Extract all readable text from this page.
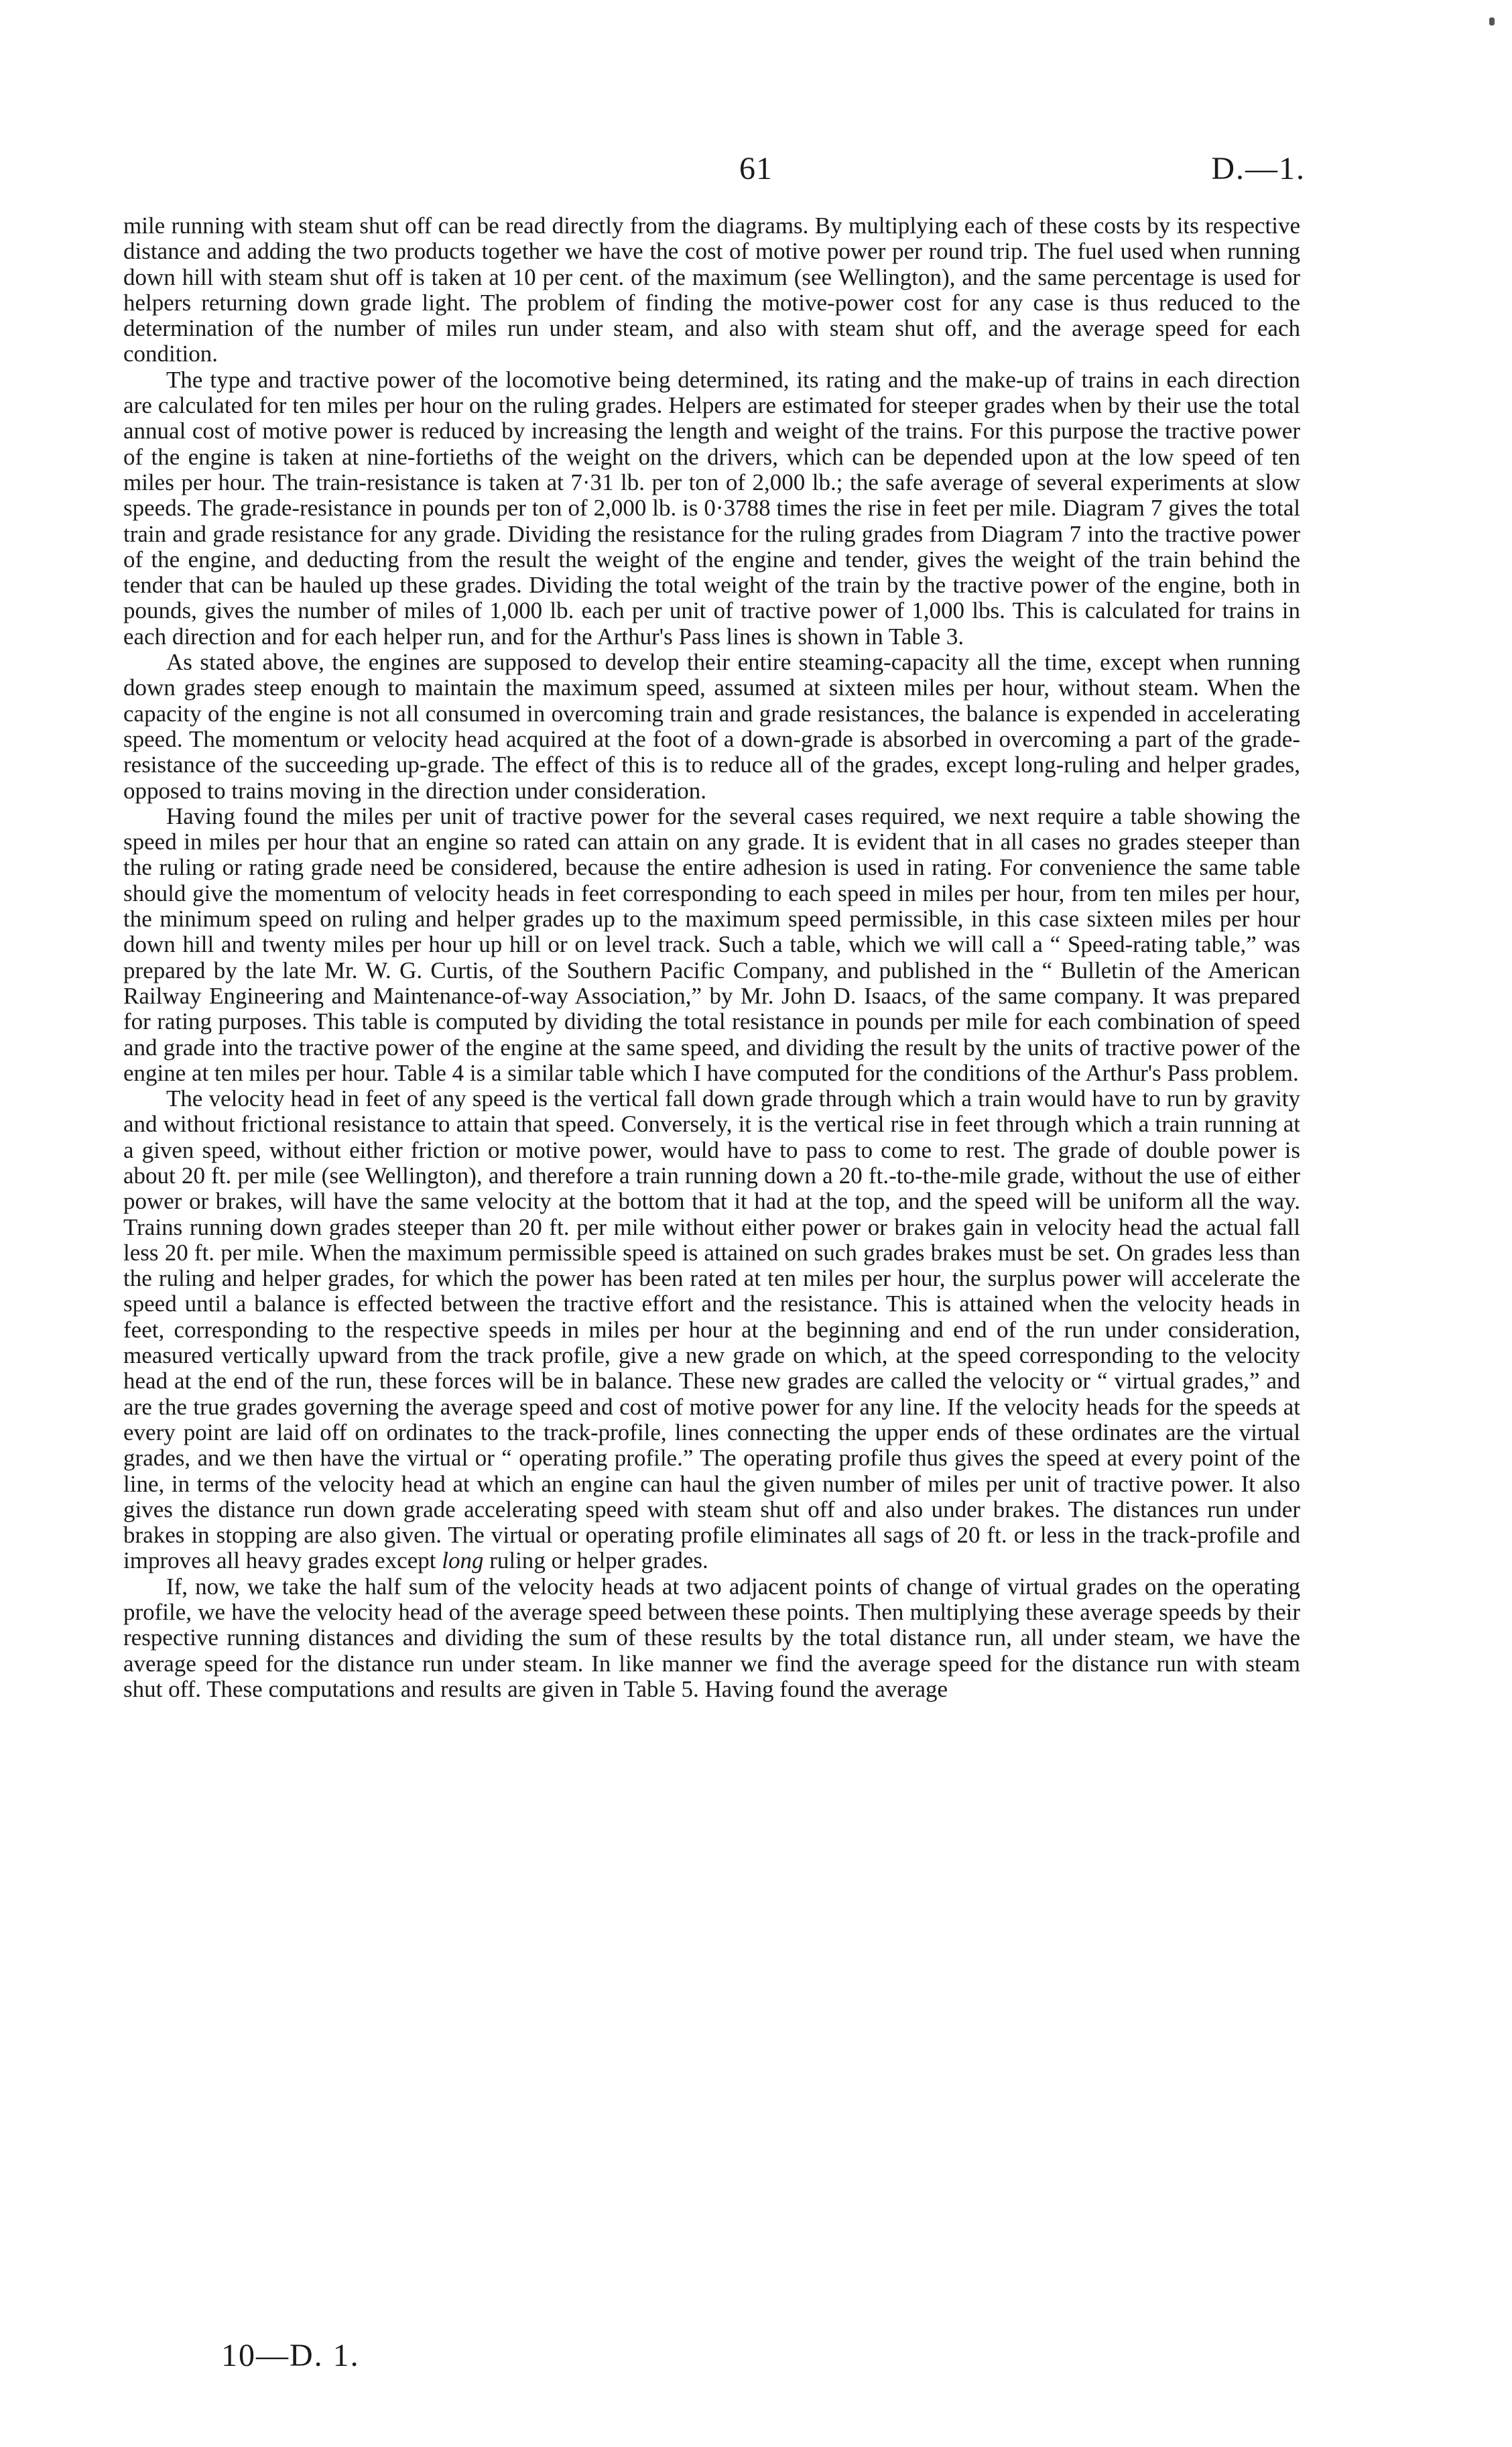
61	D.—1.

mile running with steam shut off can be read directly from the diagrams. By multiplying each of these costs by its respective distance and adding the two products together we have the cost of motive power per round trip. The fuel used when running down hill with steam shut off is taken at 10 per cent. of the maximum (see Wellington), and the same percentage is used for helpers returning down grade light. The problem of finding the motive-power cost for any case is thus reduced to the determination of the number of miles run under steam, and also with steam shut off, and the average speed for each condition.

The type and tractive power of the locomotive being determined, its rating and the make-up of trains in each direction are calculated for ten miles per hour on the ruling grades. Helpers are estimated for steeper grades when by their use the total annual cost of motive power is reduced by increasing the length and weight of the trains. For this purpose the tractive power of the engine is taken at nine-fortieths of the weight on the drivers, which can be depended upon at the low speed of ten miles per hour. The train-resistance is taken at 7·31 lb. per ton of 2,000 lb.; the safe average of several experiments at slow speeds. The grade-resistance in pounds per ton of 2,000 lb. is 0·3788 times the rise in feet per mile. Diagram 7 gives the total train and grade resistance for any grade. Dividing the resistance for the ruling grades from Diagram 7 into the tractive power of the engine, and deducting from the result the weight of the engine and tender, gives the weight of the train behind the tender that can be hauled up these grades. Dividing the total weight of the train by the tractive power of the engine, both in pounds, gives the number of miles of 1,000 lb. each per unit of tractive power of 1,000 lbs. This is calculated for trains in each direction and for each helper run, and for the Arthur's Pass lines is shown in Table 3.

As stated above, the engines are supposed to develop their entire steaming-capacity all the time, except when running down grades steep enough to maintain the maximum speed, assumed at sixteen miles per hour, without steam. When the capacity of the engine is not all consumed in overcoming train and grade resistances, the balance is expended in accelerating speed. The momentum or velocity head acquired at the foot of a down-grade is absorbed in overcoming a part of the grade-resistance of the succeeding up-grade. The effect of this is to reduce all of the grades, except long-ruling and helper grades, opposed to trains moving in the direction under consideration.

Having found the miles per unit of tractive power for the several cases required, we next require a table showing the speed in miles per hour that an engine so rated can attain on any grade. It is evident that in all cases no grades steeper than the ruling or rating grade need be considered, because the entire adhesion is used in rating. For convenience the same table should give the momentum of velocity heads in feet corresponding to each speed in miles per hour, from ten miles per hour, the minimum speed on ruling and helper grades up to the maximum speed permissible, in this case sixteen miles per hour down hill and twenty miles per hour up hill or on level track. Such a table, which we will call a “ Speed-rating table,” was prepared by the late Mr. W. G. Curtis, of the Southern Pacific Company, and published in the “ Bulletin of the American Railway Engineering and Maintenance-of-way Association,” by Mr. John D. Isaacs, of the same company. It was prepared for rating purposes. This table is computed by dividing the total resistance in pounds per mile for each combination of speed and grade into the tractive power of the engine at the same speed, and dividing the result by the units of tractive power of the engine at ten miles per hour. Table 4 is a similar table which I have computed for the conditions of the Arthur's Pass problem.

The velocity head in feet of any speed is the vertical fall down grade through which a train would have to run by gravity and without frictional resistance to attain that speed. Conversely, it is the vertical rise in feet through which a train running at a given speed, without either friction or motive power, would have to pass to come to rest. The grade of double power is about 20 ft. per mile (see Wellington), and therefore a train running down a 20 ft.-to-the-mile grade, without the use of either power or brakes, will have the same velocity at the bottom that it had at the top, and the speed will be uniform all the way. Trains running down grades steeper than 20 ft. per mile without either power or brakes gain in velocity head the actual fall less 20 ft. per mile. When the maximum permissible speed is attained on such grades brakes must be set. On grades less than the ruling and helper grades, for which the power has been rated at ten miles per hour, the surplus power will accelerate the speed until a balance is effected between the tractive effort and the resistance. This is attained when the velocity heads in feet, corresponding to the respective speeds in miles per hour at the beginning and end of the run under consideration, measured vertically upward from the track profile, give a new grade on which, at the speed corresponding to the velocity head at the end of the run, these forces will be in balance. These new grades are called the velocity or “ virtual grades,” and are the true grades governing the average speed and cost of motive power for any line. If the velocity heads for the speeds at every point are laid off on ordinates to the track-profile, lines connecting the upper ends of these ordinates are the virtual grades, and we then have the virtual or “ operating profile.” The operating profile thus gives the speed at every point of the line, in terms of the velocity head at which an engine can haul the given number of miles per unit of tractive power. It also gives the distance run down grade accelerating speed with steam shut off and also under brakes. The distances run under brakes in stopping are also given. The virtual or operating profile eliminates all sags of 20 ft. or less in the track-profile and improves all heavy grades except long ruling or helper grades.

If, now, we take the half sum of the velocity heads at two adjacent points of change of virtual grades on the operating profile, we have the velocity head of the average speed between these points. Then multiplying these average speeds by their respective running distances and dividing the sum of these results by the total distance run, all under steam, we have the average speed for the distance run under steam. In like manner we find the average speed for the distance run with steam shut off. These computations and results are given in Table 5. Having found the average

10—D. 1.
